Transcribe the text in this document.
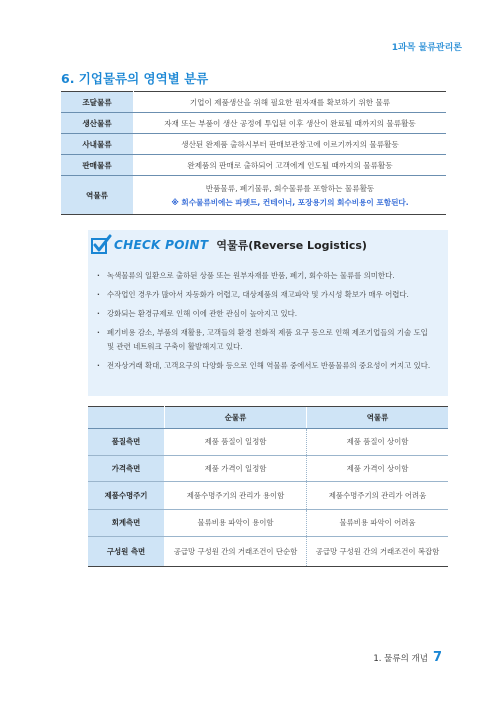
1과목 물류관리론
6. 기업물류의 영역별 분류
조달물류	기업이 제품생산을 위해 필요한 원자재를 확보하기 위한 물류
생산물류	자재 또는 부품이 생산 공정에 투입된 이후 생산이 완료될 때까지의 물류활동
사내물류	생산된 완제품 출하시부터 판매보관창고에 이르기까지의 물류활동
판매물류	완제품의 판매로 출하되어 고객에게 인도될 때까지의 물류활동
역물류	반품물류, 폐기물류, 회수물류를 포함하는 물류활동
※ 회수물류비에는 파렛트, 컨테이너, 포장용기의 회수비용이 포함된다.
CHECK POINT 역물류(Reverse Logistics)
· 녹색물류의 일환으로 출하된 상품 또는 원부자재를 반품, 폐기, 회수하는 물류를 의미한다.
· 수작업인 경우가 많아서 자동화가 어렵고, 대상제품의 재고파악 및 가시성 확보가 매우 어렵다.
· 강화되는 환경규제로 인해 이에 관한 관심이 높아지고 있다.
· 폐기비용 감소, 부품의 재활용, 고객들의 환경 친화적 제품 요구 등으로 인해 제조기업들의 기술 도입 및 관련 네트워크 구축이 활발해지고 있다.
· 전자상거래 확대, 고객요구의 다양화 등으로 인해 역물류 중에서도 반품물류의 중요성이 커지고 있다.
	순물류	역물류
품질측면	제품 품질이 일정함	제품 품질이 상이함
가격측면	제품 가격이 일정함	제품 가격이 상이함
제품수명주기	제품수명주기의 관리가 용이함	제품수명주기의 관리가 어려움
회계측면	물류비용 파악이 용이함	물류비용 파악이 어려움
구성원 측면	공급망 구성원 간의 거래조건이 단순함	공급망 구성원 간의 거래조건이 복잡함
1. 물류의 개념 7
